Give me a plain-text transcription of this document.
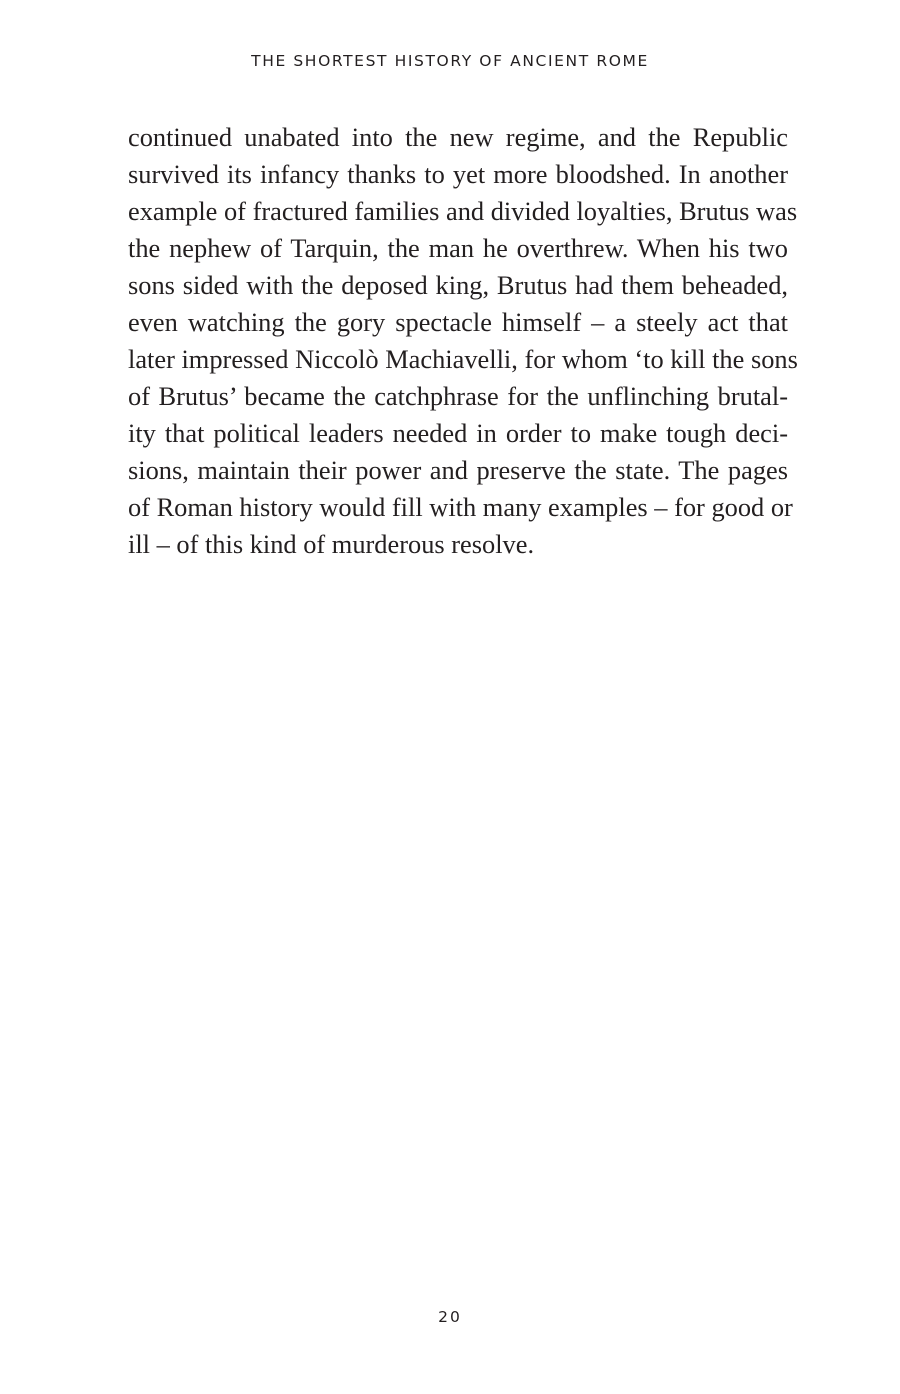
THE SHORTEST HISTORY OF ANCIENT ROME
continued unabated into the new regime, and the Republic
survived its infancy thanks to yet more bloodshed. In another
example of fractured families and divided loyalties, Brutus was
the nephew of Tarquin, the man he overthrew. When his two
sons sided with the deposed king, Brutus had them beheaded,
even watching the gory spectacle himself – a steely act that
later impressed Niccolò Machiavelli, for whom ‘to kill the sons
of Brutus’ became the catchphrase for the unflinching brutal-
ity that political leaders needed in order to make tough deci-
sions, maintain their power and preserve the state. The pages
of Roman history would fill with many examples – for good or
ill – of this kind of murderous resolve.
20
